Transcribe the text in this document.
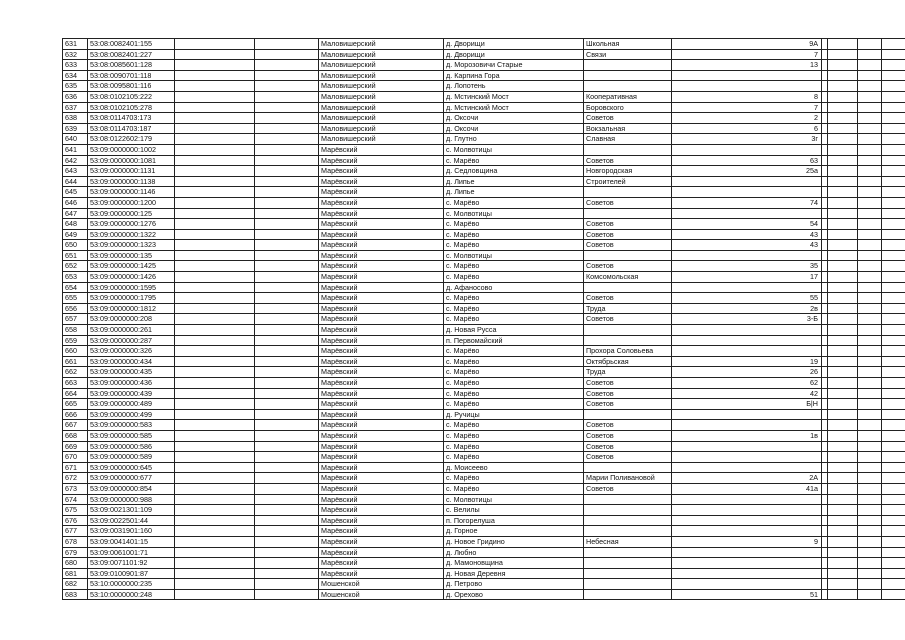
631	53:08:0082401:155			Маловишерский	д. Дворищи	Школьная	9А				
632	53:08:0082401:227			Маловишерский	д. Дворищи	Связи	7				
633	53:08:0085601:128			Маловишерский	д. Морозовичи Старые		13				
634	53:08:0090701:118			Маловишерский	д. Карпина Гора						
635	53:08:0095801:116			Маловишерский	д. Лопотень						
636	53:08:0102105:222			Маловишерский	д. Мстинский Мост	Кооперативная	8				
637	53:08:0102105:278			Маловишерский	д. Мстинский Мост	Боровского	7				
638	53:08:0114703:173			Маловишерский	д. Оксочи	Советов	2				
639	53:08:0114703:187			Маловишерский	д. Оксочи	Вокзальная	6				
640	53:08:0122602:179			Маловишерский	д. Глутно	Славная	3г				
641	53:09:0000000:1002			Марёвский	с. Молвотицы						
642	53:09:0000000:1081			Марёвский	с. Марёво	Советов	63				
643	53:09:0000000:1131			Марёвский	д. Седловщина	Новгородская	25а				
644	53:09:0000000:1138			Марёвский	д. Липье	Строителей					
645	53:09:0000000:1146			Марёвский	д. Липье						
646	53:09:0000000:1200			Марёвский	с. Марёво	Советов	74				
647	53:09:0000000:125			Марёвский	с. Молвотицы						
648	53:09:0000000:1276			Марёвский	с. Марёво	Советов	54				
649	53:09:0000000:1322			Марёвский	с. Марёво	Советов	43				
650	53:09:0000000:1323			Марёвский	с. Марёво	Советов	43				
651	53:09:0000000:135			Марёвский	с. Молвотицы						
652	53:09:0000000:1425			Марёвский	с. Марёво	Советов	35				
653	53:09:0000000:1426			Марёвский	с. Марёво	Комсомольская	17				
654	53:09:0000000:1595			Марёвский	д. Афаносово						
655	53:09:0000000:1795			Марёвский	с. Марёво	Советов	55				
656	53:09:0000000:1812			Марёвский	с. Марёво	Труда	2в				
657	53:09:0000000:208			Марёвский	с. Марёво	Советов	3-Б				
658	53:09:0000000:261			Марёвский	д. Новая Русса						
659	53:09:0000000:287			Марёвский	п. Первомайский						
660	53:09:0000000:326			Марёвский	с. Марёво	Прохора Соловьева					
661	53:09:0000000:434			Марёвский	с. Марёво	Октябрьская	19				
662	53:09:0000000:435			Марёвский	с. Марёво	Труда	26				
663	53:09:0000000:436			Марёвский	с. Марёво	Советов	62				
664	53:09:0000000:439			Марёвский	с. Марёво	Советов	42				
665	53:09:0000000:489			Марёвский	с. Марёво	Советов	Б|Н				
666	53:09:0000000:499			Марёвский	д. Ручицы						
667	53:09:0000000:583			Марёвский	с. Марёво	Советов					
668	53:09:0000000:585			Марёвский	с. Марёво	Советов	1в				
669	53:09:0000000:586			Марёвский	с. Марёво	Советов					
670	53:09:0000000:589			Марёвский	с. Марёво	Советов					
671	53:09:0000000:645			Марёвский	д. Моисеево						
672	53:09:0000000:677			Марёвский	с. Марёво	Марии Поливановой	2А				
673	53:09:0000000:854			Марёвский	с. Марёво	Советов	41а				
674	53:09:0000000:988			Марёвский	с. Молвотицы						
675	53:09:0021301:109			Марёвский	с. Велилы						
676	53:09:0022501:44			Марёвский	п. Погорелуша						
677	53:09:0031901:160			Марёвский	д. Горное						
678	53:09:0041401:15			Марёвский	д. Новое Гридино	Небесная	9				
679	53:09:0061001:71			Марёвский	д. Любно						
680	53:09:0071101:92			Марёвский	д. Мамоновщина						
681	53:09:0100901:87			Марёвский	д. Новая Деревня						
682	53:10:0000000:235			Мошенской	д. Петрово						
683	53:10:0000000:248			Мошенской	д. Орехово		51				
